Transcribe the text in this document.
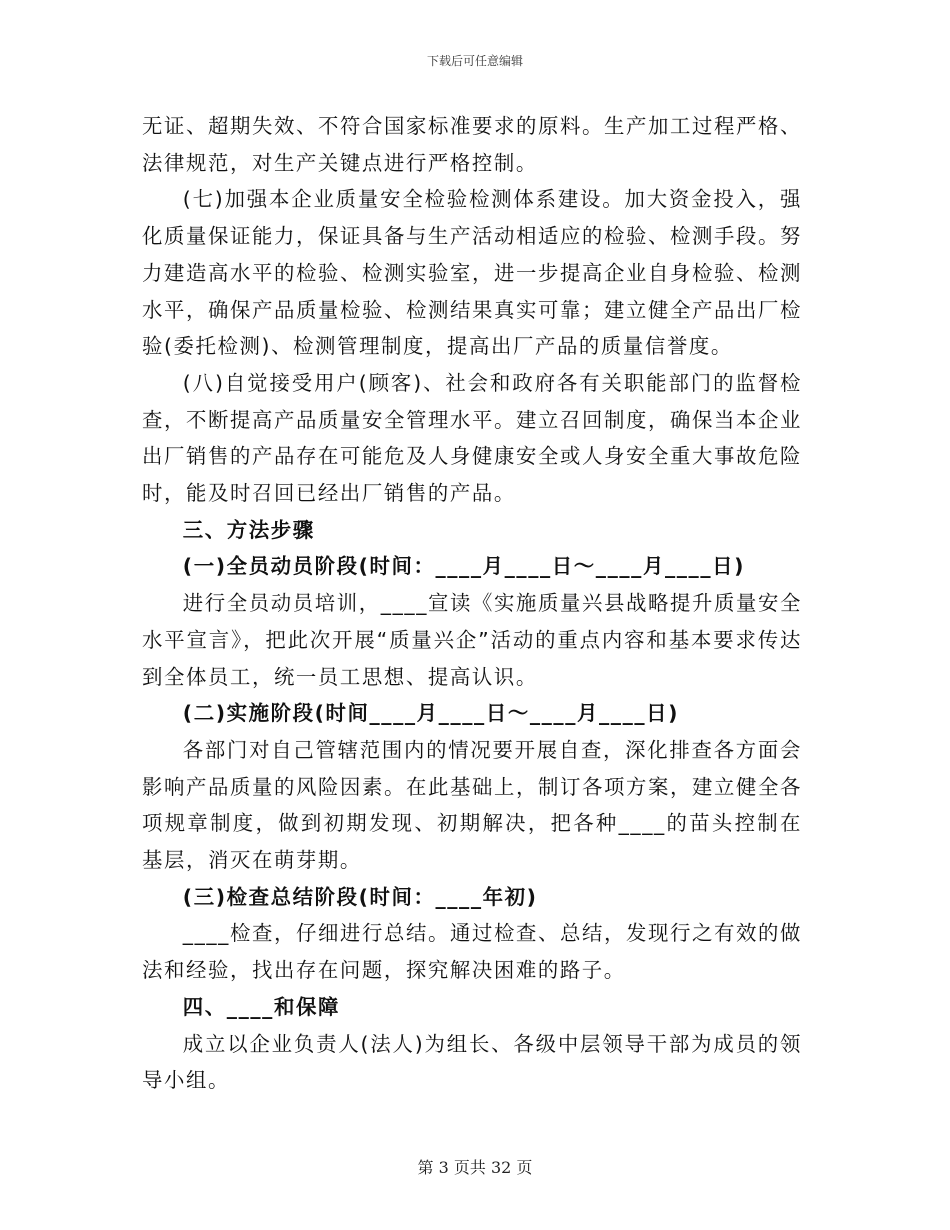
下载后可任意编辑

无证、超期失效、不符合国家标准要求的原料。生产加工过程严格、法律规范，对生产关键点进行严格控制。

(七)加强本企业质量安全检验检测体系建设。加大资金投入，强化质量保证能力，保证具备与生产活动相适应的检验、检测手段。努力建造高水平的检验、检测实验室，进一步提高企业自身检验、检测水平，确保产品质量检验、检测结果真实可靠；建立健全产品出厂检验(委托检测)、检测管理制度，提高出厂产品的质量信誉度。

(八)自觉接受用户(顾客)、社会和政府各有关职能部门的监督检查，不断提高产品质量安全管理水平。建立召回制度，确保当本企业出厂销售的产品存在可能危及人身健康安全或人身安全重大事故危险时，能及时召回已经出厂销售的产品。

三、方法步骤

(一)全员动员阶段(时间：____月____日～____月____日)

进行全员动员培训，____宣读《实施质量兴县战略提升质量安全水平宣言》，把此次开展“质量兴企”活动的重点内容和基本要求传达到全体员工，统一员工思想、提高认识。

(二)实施阶段(时间____月____日～____月____日)

各部门对自己管辖范围内的情况要开展自查，深化排查各方面会影响产品质量的风险因素。在此基础上，制订各项方案，建立健全各项规章制度，做到初期发现、初期解决，把各种____的苗头控制在基层，消灭在萌芽期。

(三)检查总结阶段(时间：____年初)

____检查，仔细进行总结。通过检查、总结，发现行之有效的做法和经验，找出存在问题，探究解决困难的路子。

四、____和保障

成立以企业负责人(法人)为组长、各级中层领导干部为成员的领导小组。

第 3 页共 32 页
